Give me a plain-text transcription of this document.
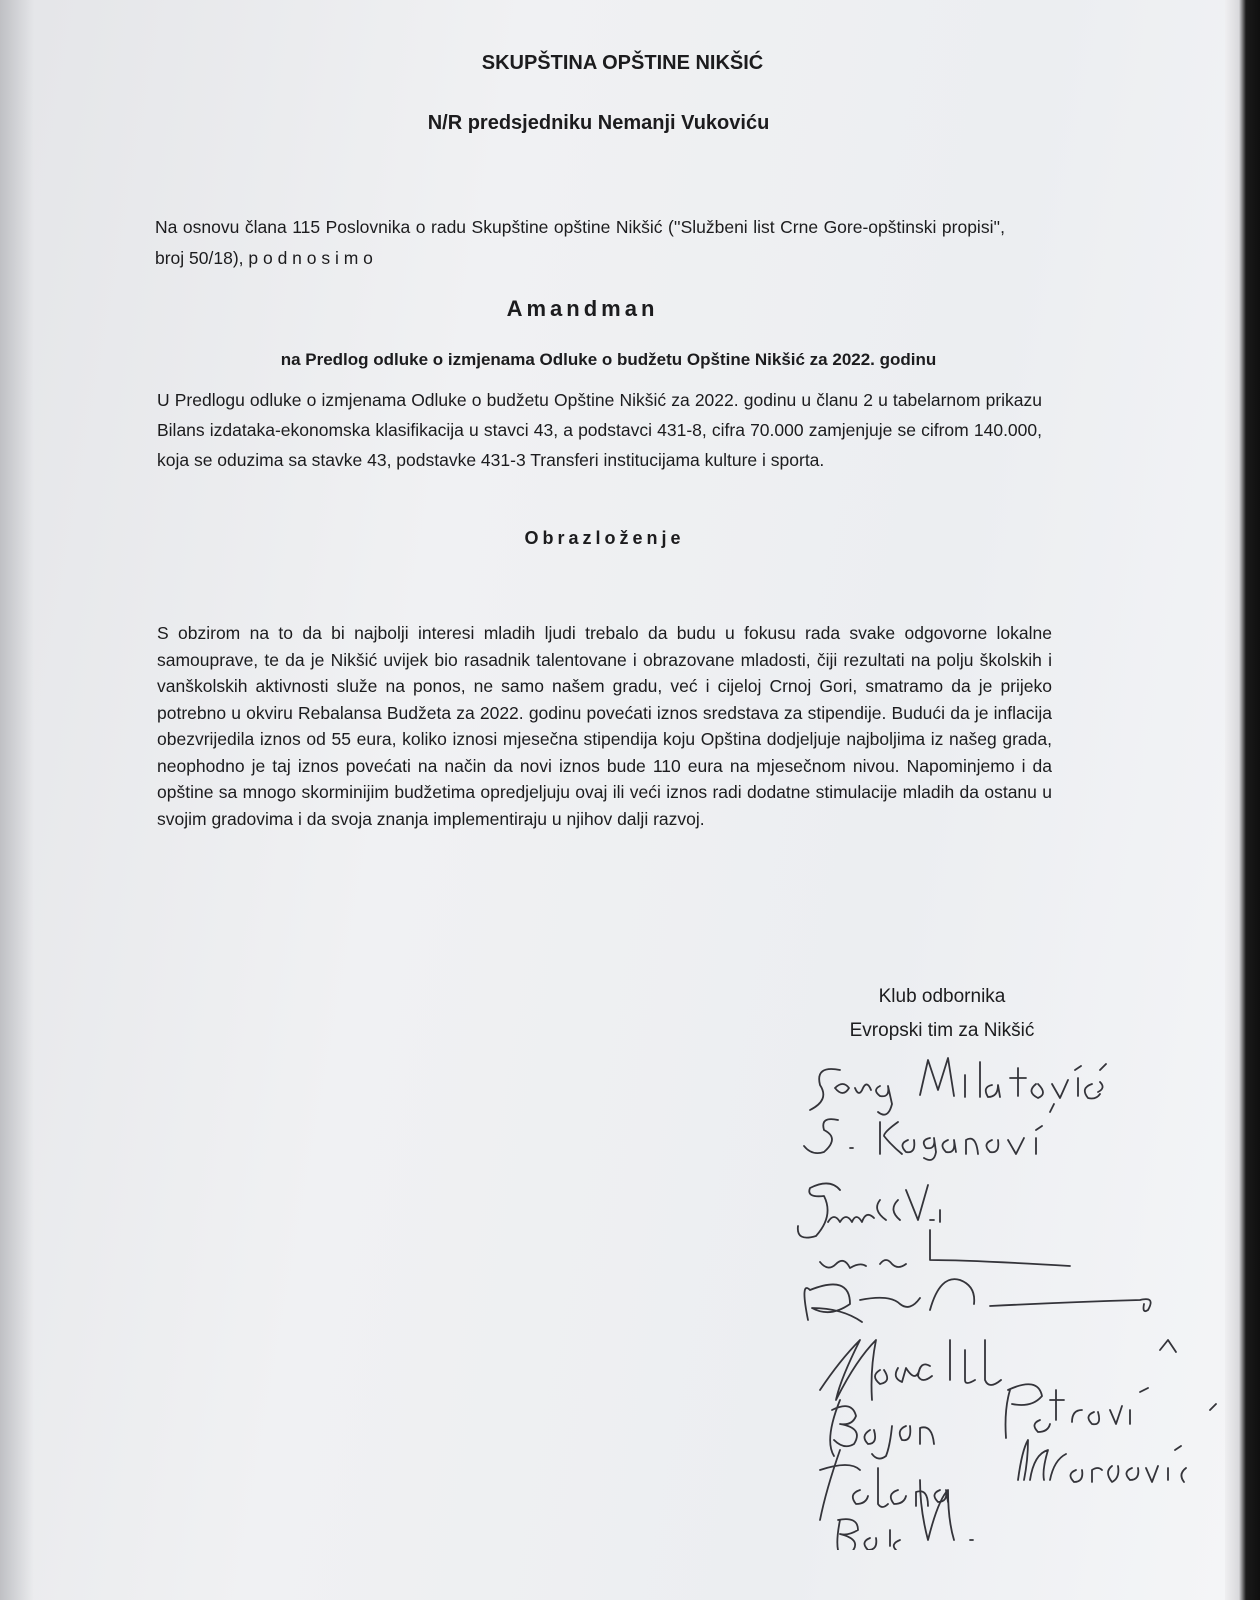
SKUPŠTINA OPŠTINE NIKŠIĆ
N/R predsjedniku Nemanji Vukoviću
Na osnovu člana 115 Poslovnika o radu Skupštine opštine Nikšić (''Službeni list Crne Gore-opštinski propisi'', broj 50/18), p o d n o s i m o
Amandman
na Predlog odluke o izmjenama Odluke o budžetu Opštine Nikšić za 2022. godinu
U Predlogu odluke o izmjenama Odluke o budžetu Opštine Nikšić za 2022. godinu u članu 2 u tabelarnom prikazu Bilans izdataka-ekonomska klasifikacija u stavci 43, a podstavci 431-8, cifra 70.000 zamjenjuje se cifrom 140.000, koja se oduzima sa stavke 43, podstavke 431-3 Transferi institucijama kulture i sporta.
Obrazloženje
S obzirom na to da bi najbolji interesi mladih ljudi trebalo da budu u fokusu rada svake odgovorne lokalne samouprave, te da je Nikšić uvijek bio rasadnik talentovane i obrazovane mladosti, čiji rezultati na polju školskih i vanškolskih aktivnosti služe na ponos, ne samo našem gradu, već i cijeloj Crnoj Gori, smatramo da je prijeko potrebno u okviru Rebalansa Budžeta za 2022. godinu povećati iznos sredstava za stipendije. Budući da je inflacija obezvrijedila iznos od 55 eura, koliko iznosi mjesečna stipendija koju Opština dodjeljuje najboljima iz našeg grada, neophodno je taj iznos povećati na način da novi iznos bude 110 eura na mjesečnom nivou. Napominjemo i da opštine sa mnogo skorminijim budžetima opredjeljuju ovaj ili veći iznos radi dodatne stimulacije mladih da ostanu u svojim gradovima i da svoja znanja implementiraju u njihov dalji razvoj.
Klub odbornika
Evropski tim za Nikšić
